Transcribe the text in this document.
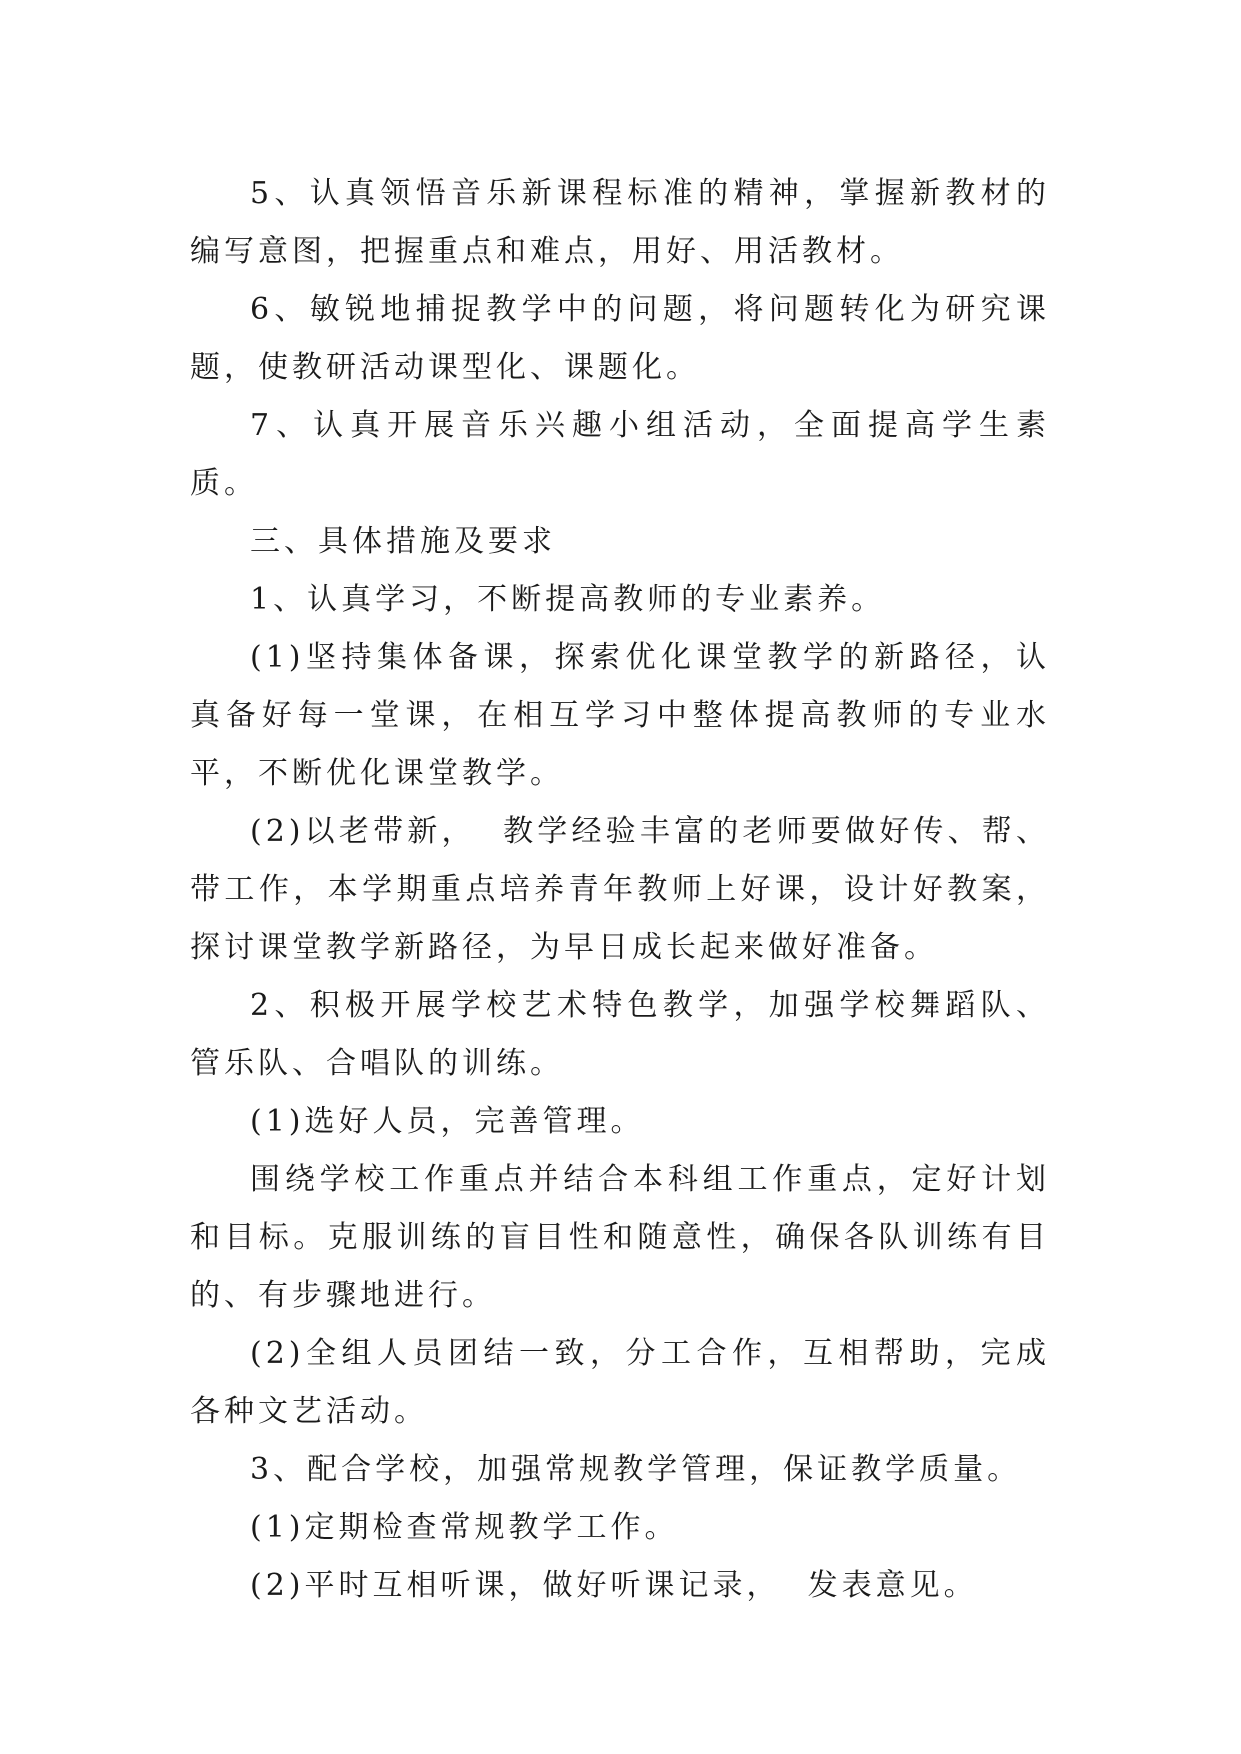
5、认真领悟音乐新课程标准的精神，掌握新教材的编写意图，把握重点和难点，用好、用活教材。

6、敏锐地捕捉教学中的问题，将问题转化为研究课题，使教研活动课型化、课题化。

7、认真开展音乐兴趣小组活动，全面提高学生素质。

三、具体措施及要求

1、认真学习，不断提高教师的专业素养。

(1)坚持集体备课，探索优化课堂教学的新路径，认真备好每一堂课，在相互学习中整体提高教师的专业水平，不断优化课堂教学。

(2)以老带新，  教学经验丰富的老师要做好传、帮、带工作，本学期重点培养青年教师上好课，设计好教案，探讨课堂教学新路径，为早日成长起来做好准备。

2、积极开展学校艺术特色教学，加强学校舞蹈队、管乐队、合唱队的训练。

(1)选好人员，完善管理。

围绕学校工作重点并结合本科组工作重点，定好计划和目标。克服训练的盲目性和随意性，确保各队训练有目的、有步骤地进行。

(2)全组人员团结一致，分工合作，互相帮助，完成各种文艺活动。

3、配合学校，加强常规教学管理，保证教学质量。

(1)定期检查常规教学工作。

(2)平时互相听课，做好听课记录，  发表意见。
